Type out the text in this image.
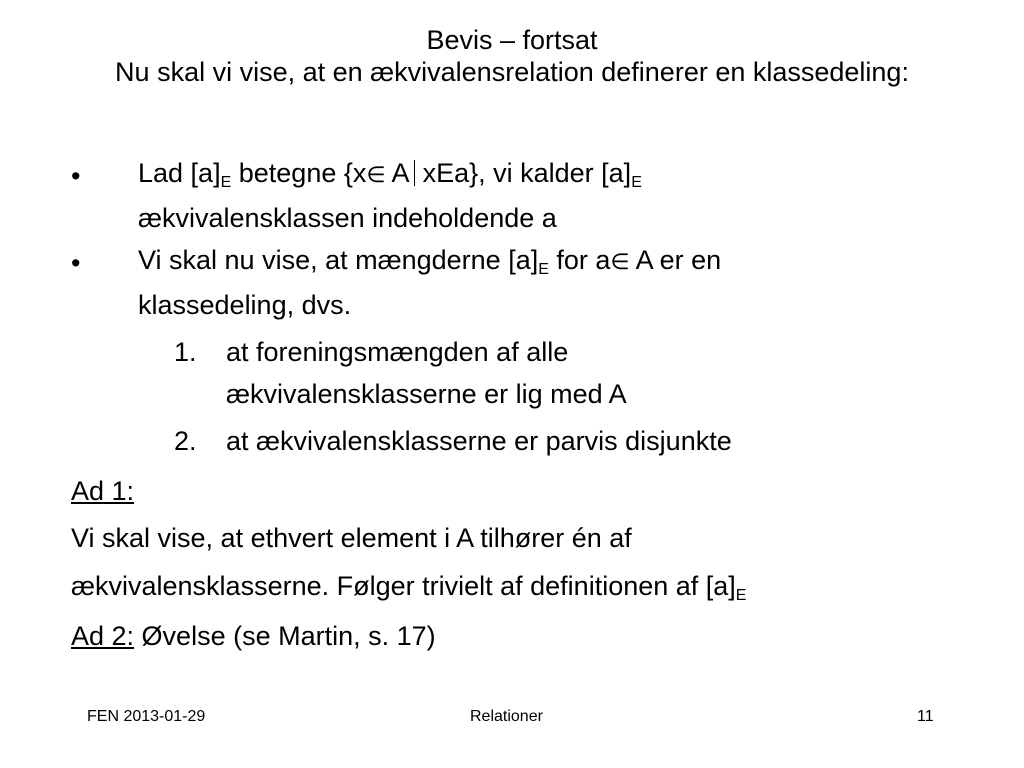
Bevis – fortsat
Nu skal vi vise, at en ækvivalensrelation definerer en klassedeling:
• Lad $[a]_E$ betegne {x∈ A xEa}, vi kalder $[a]_E$
ækvivalensklassen indeholdende a
• Vi skal nu vise, at mængderne $[a]_E$ for a∈ A er en
klassedeling, dvs.
1. at foreningsmængden af alle
ækvivalensklasserne er lig med A
2. at ækvivalensklasserne er parvis disjunkte
Ad 1:
Vi skal vise, at ethvert element i A tilhører én af
ækvivalensklasserne. Følger trivielt af definitionen af $[a]_E$
Ad 2: Øvelse (se Martin, s. 17)
FEN 2013-01-29	Relationer	11
